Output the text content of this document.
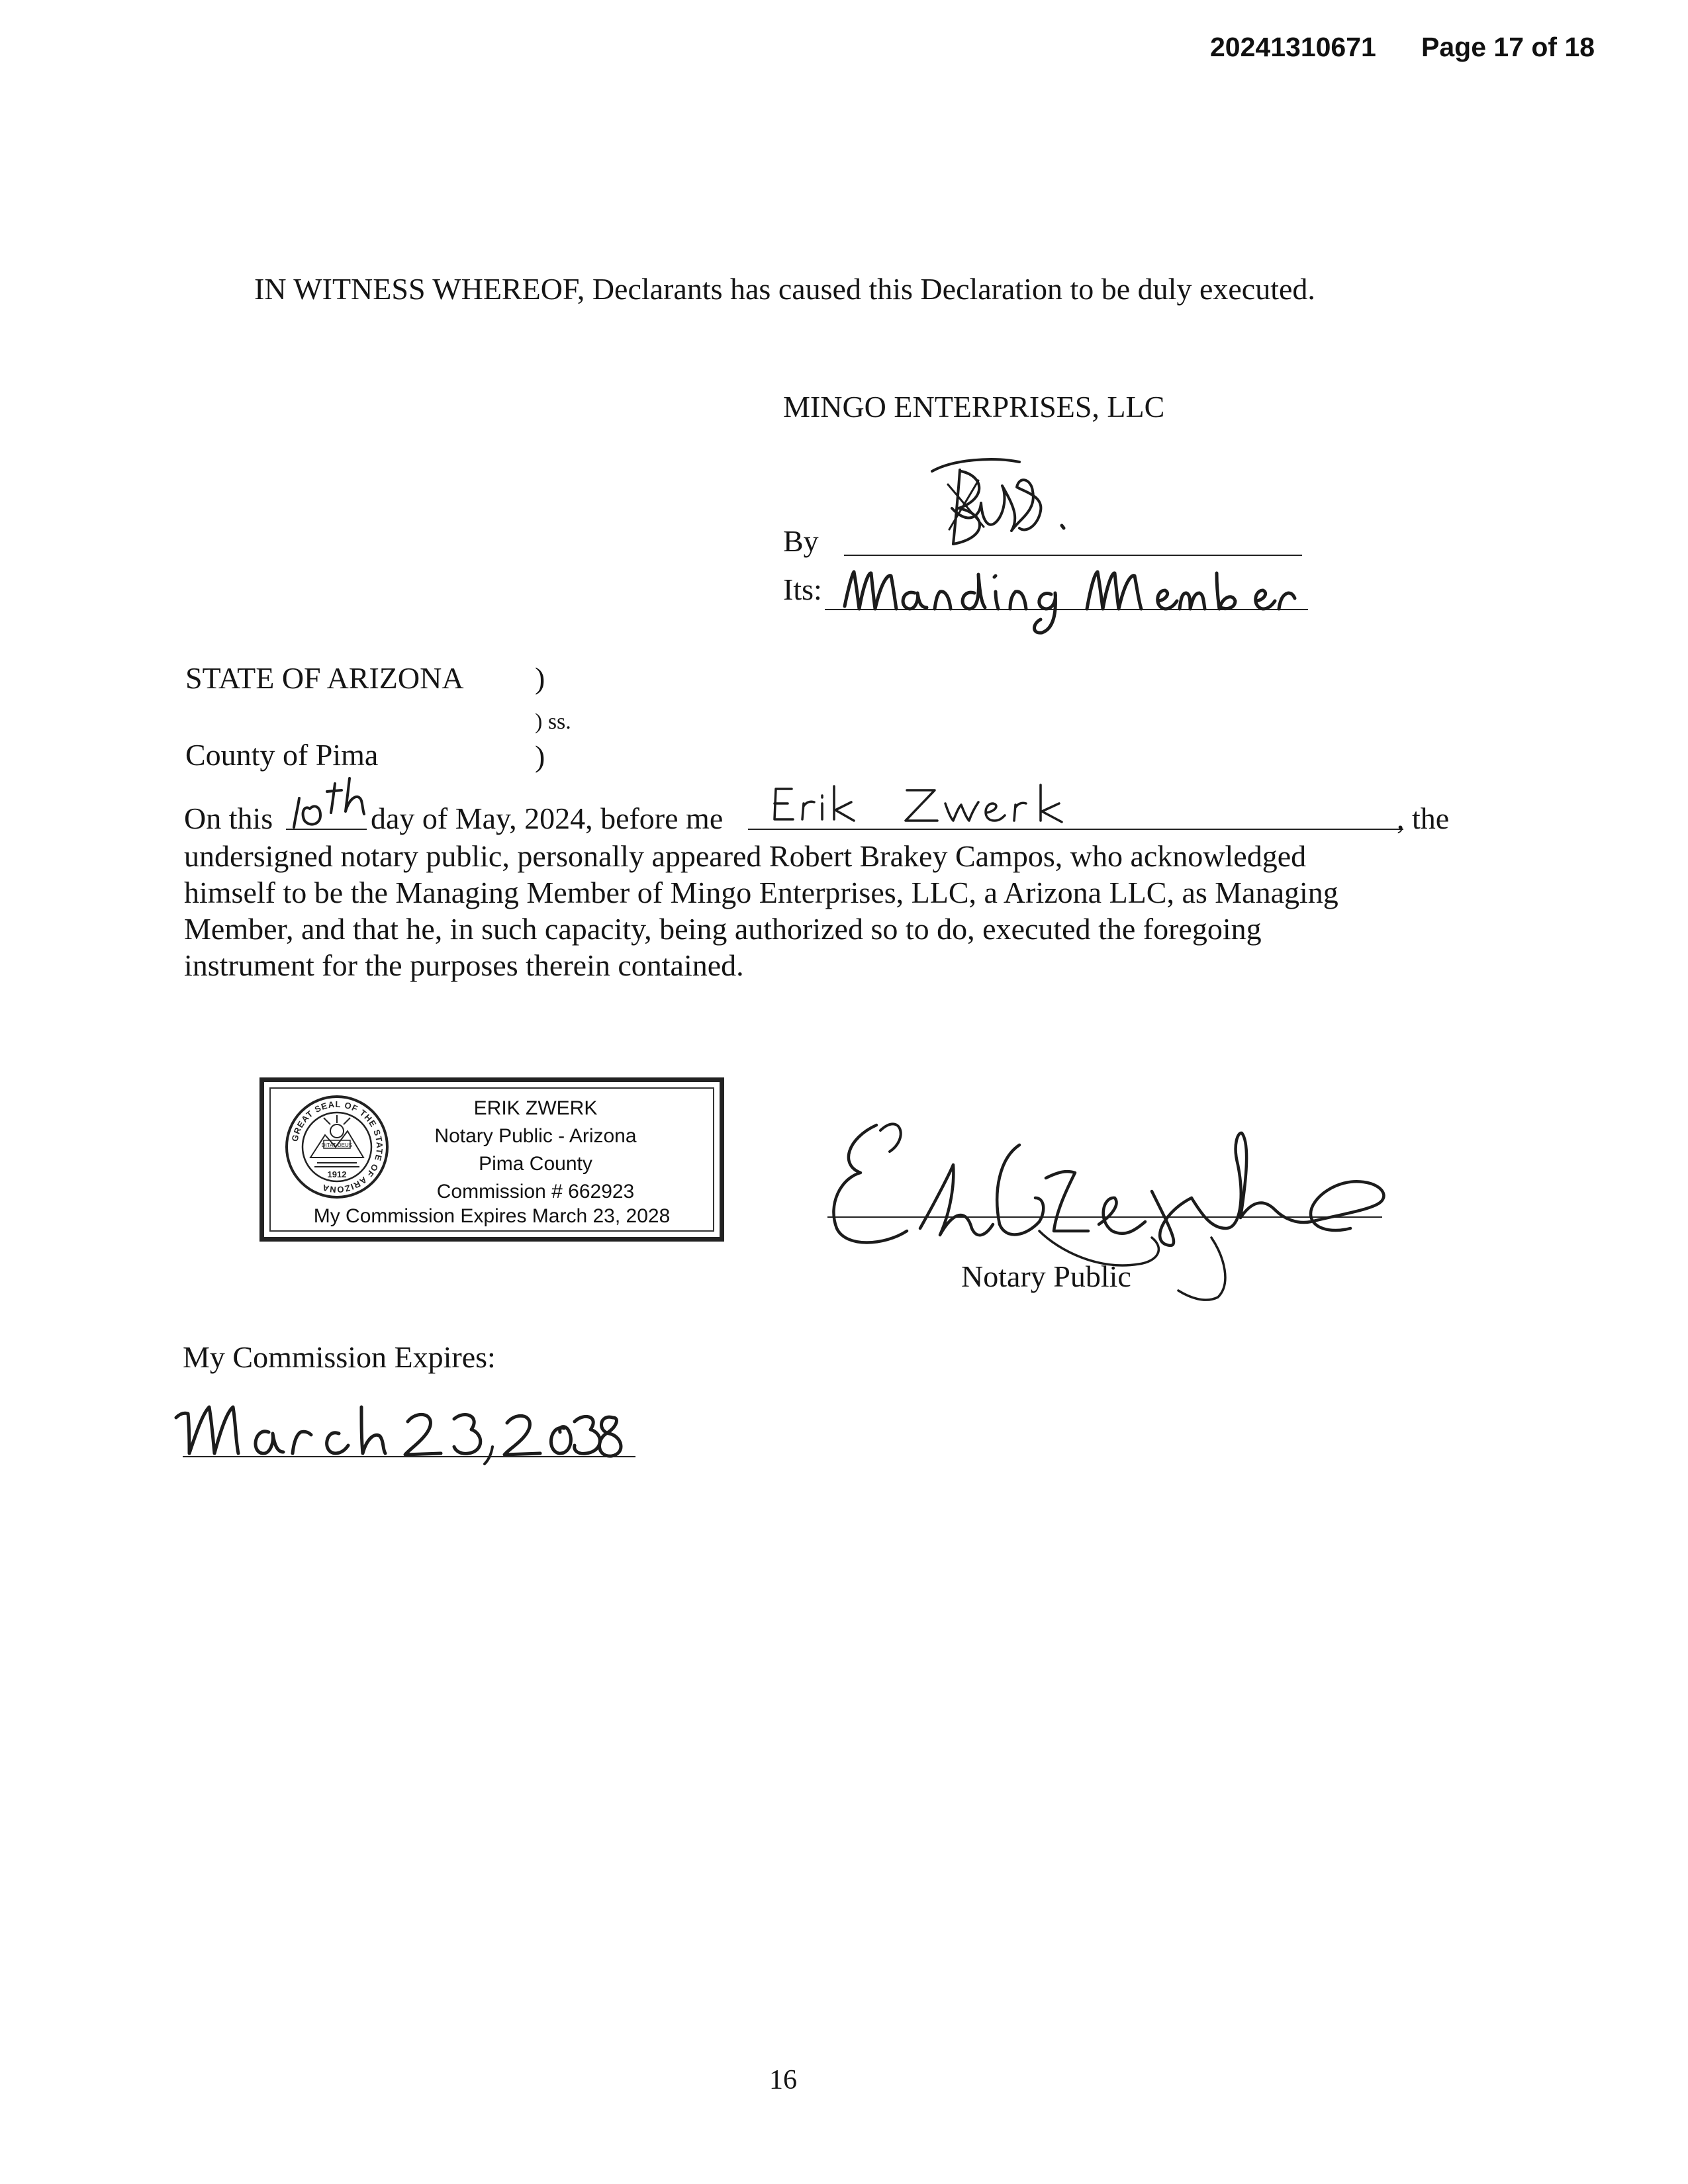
20241310671 Page 17 of 18
IN WITNESS WHEREOF, Declarants has caused this Declaration to be duly executed.
MINGO ENTERPRISES, LLC
By
Its:
STATE OF ARIZONA )
) ss.
County of Pima	)
On this	day of May, 2024, before me	, the
undersigned notary public, personally appeared Robert Brakey Campos, who acknowledged
himself to be the Managing Member of Mingo Enterprises, LLC, a Arizona LLC, as Managing
Member, and that he, in such capacity, being authorized so to do, executed the foregoing
instrument for the purposes therein contained.
GREAT SEAL OF THE STATE OF ARIZONA
DITAT DEUS
1912
ERIK ZWERK
Notary Public - Arizona
Pima County
Commission # 662923
My Commission Expires March 23, 2028
Notary Public
My Commission Expires:
16
